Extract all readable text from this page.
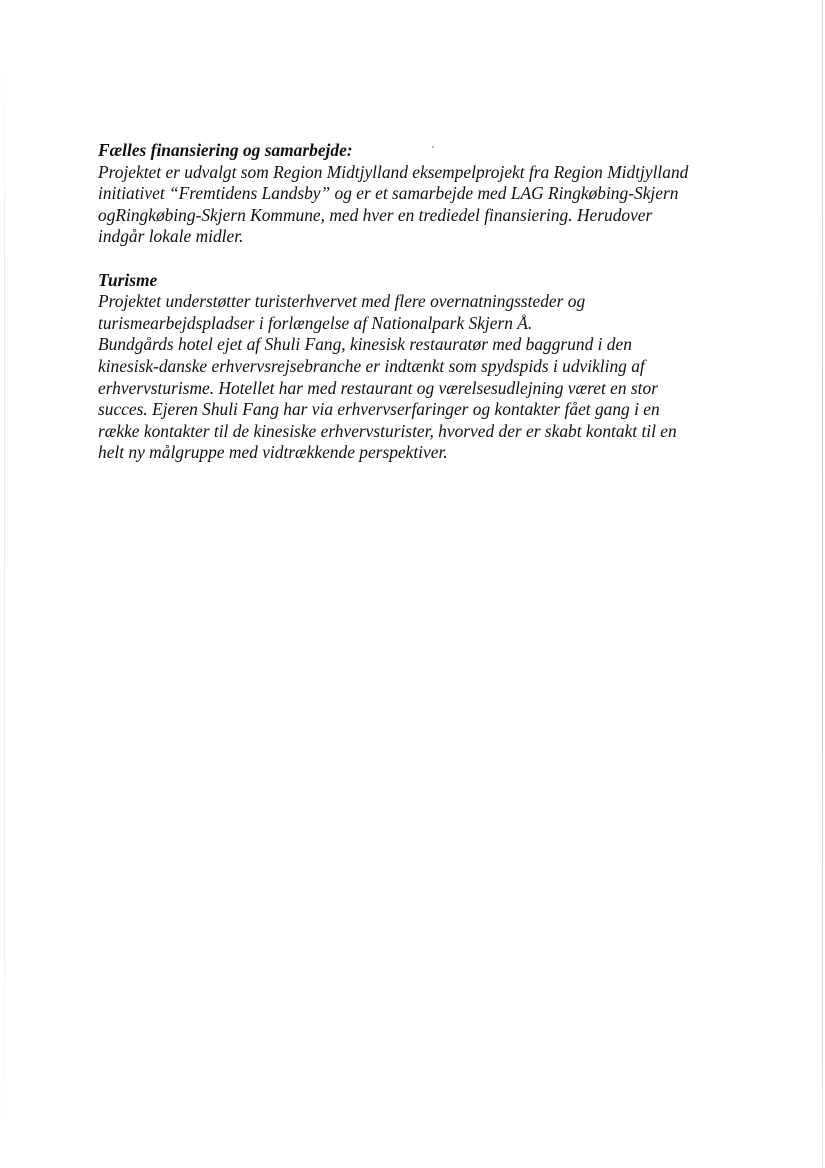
Fælles finansiering og samarbejde:
Projektet er udvalgt som Region Midtjylland eksempelprojekt fra Region Midtjylland
initiativet “Fremtidens Landsby” og er et samarbejde med LAG Ringkøbing-Skjern
ogRingkøbing-Skjern Kommune, med hver en trediedel finansiering. Herudover
indgår lokale midler.
Turisme
Projektet understøtter turisterhvervet med flere overnatningssteder og
turismearbejdspladser i forlængelse af Nationalpark Skjern Å.
Bundgårds hotel ejet af Shuli Fang, kinesisk restauratør med baggrund i den
kinesisk-danske erhvervsrejsebranche er indtænkt som spydspids i udvikling af
erhvervsturisme. Hotellet har med restaurant og værelsesudlejning været en stor
succes. Ejeren Shuli Fang har via erhvervserfaringer og kontakter fået gang i en
række kontakter til de kinesiske erhvervsturister, hvorved der er skabt kontakt til en
helt ny målgruppe med vidtrækkende perspektiver.
